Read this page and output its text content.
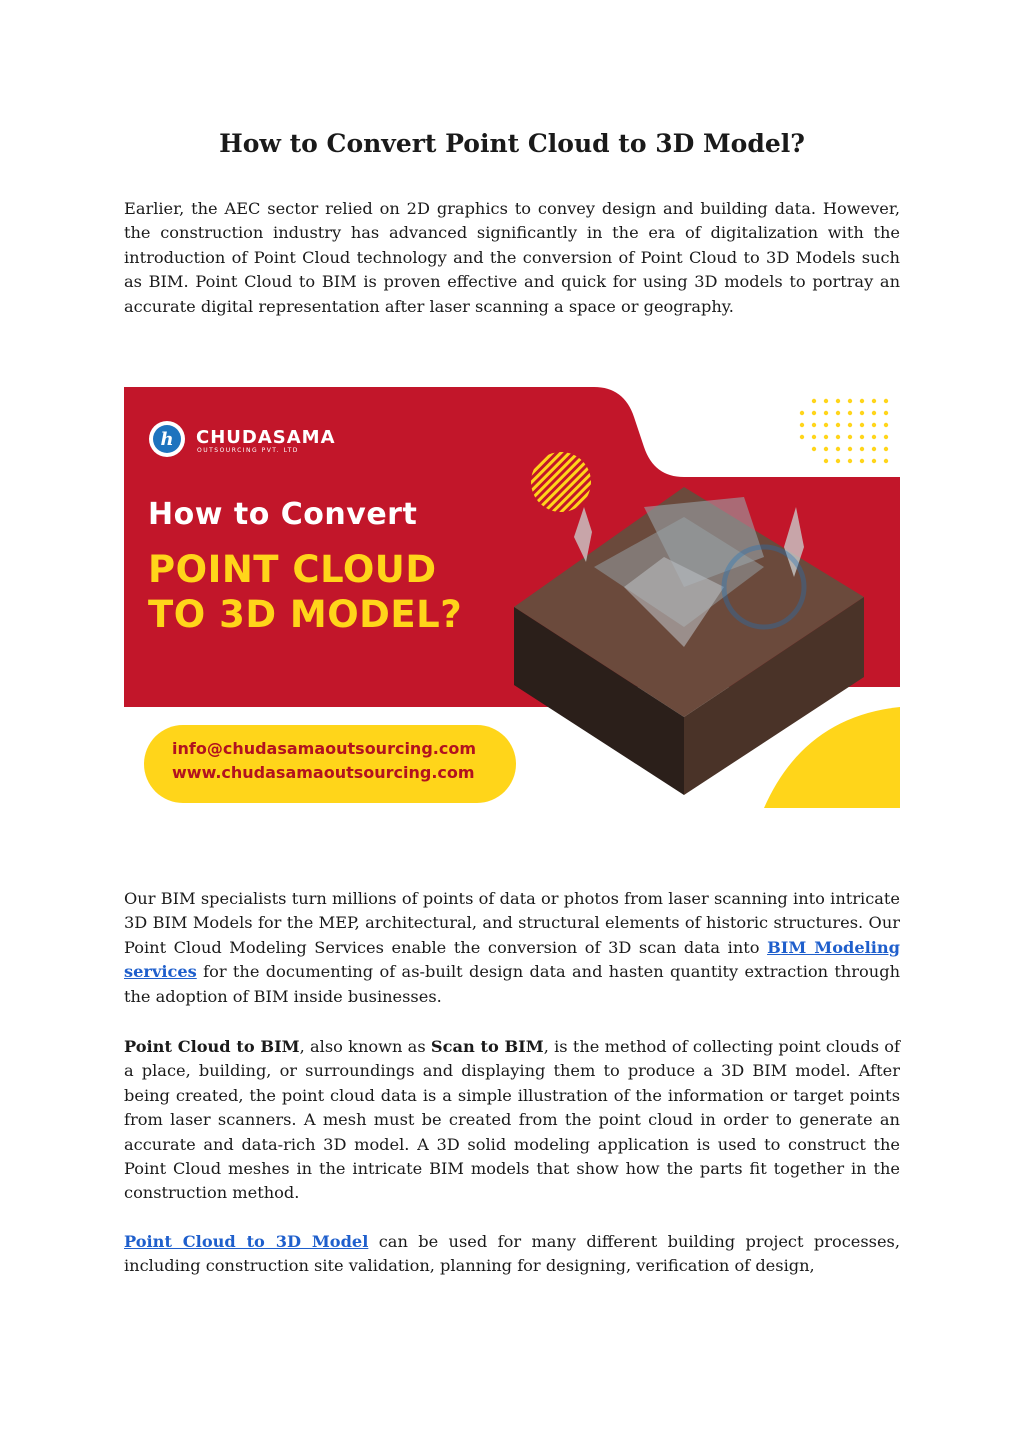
How to Convert Point Cloud to 3D Model?

Earlier, the AEC sector relied on 2D graphics to convey design and building data. However, the construction industry has advanced significantly in the era of digitalization with the introduction of Point Cloud technology and the conversion of Point Cloud to 3D Models such as BIM. Point Cloud to BIM is proven effective and quick for using 3D models to portray an accurate digital representation after laser scanning a space or geography.

Our BIM specialists turn millions of points of data or photos from laser scanning into intricate 3D BIM Models for the MEP, architectural, and structural elements of historic structures. Our Point Cloud Modeling Services enable the conversion of 3D scan data into BIM Modeling services for the documenting of as-built design data and hasten quantity extraction through the adoption of BIM inside businesses.

Point Cloud to BIM, also known as Scan to BIM, is the method of collecting point clouds of a place, building, or surroundings and displaying them to produce a 3D BIM model. After being created, the point cloud data is a simple illustration of the information or target points from laser scanners. A mesh must be created from the point cloud in order to generate an accurate and data-rich 3D model. A 3D solid modeling application is used to construct the Point Cloud meshes in the intricate BIM models that show how the parts fit together in the construction method.

Point Cloud to 3D Model can be used for many different building project processes, including construction site validation, planning for designing, verification of design,

h CHUDASAMA
OUTSOURCING PVT. LTD
How to Convert
POINT CLOUD
TO 3D MODEL?
info@chudasamaoutsourcing.com
www.chudasamaoutsourcing.com
